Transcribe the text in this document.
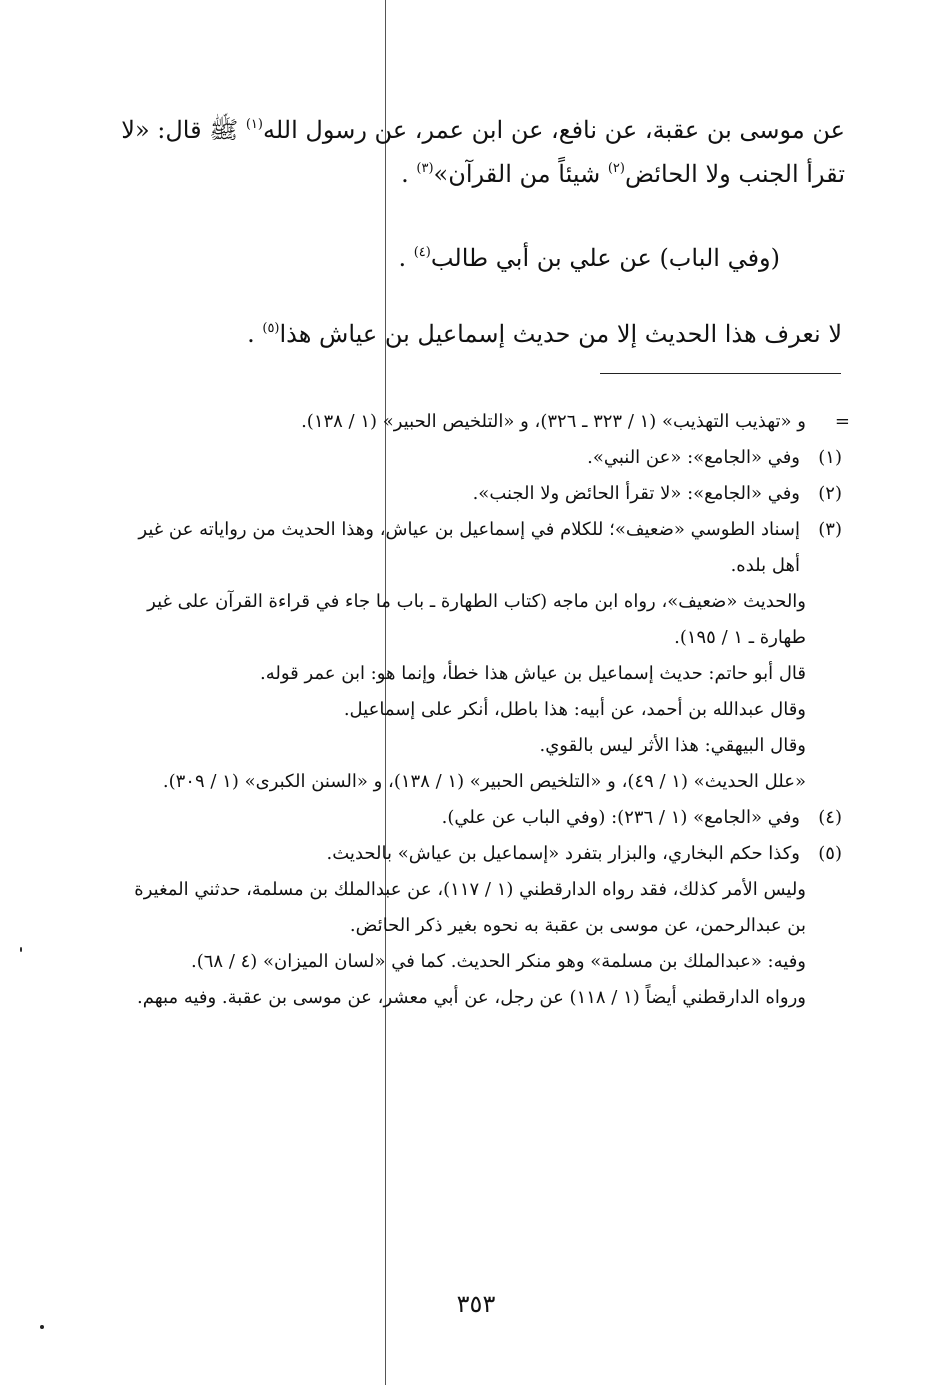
عن موسى بن عقبة، عن نافع، عن ابن عمر، عن رسول الله$^{(١)}$ ﷺ قال: «لا تقرأ الجنب ولا الحائض$^{(٢)}$ شيئاً من القرآن»$^{(٣)}$ .

(وفي الباب) عن علي بن أبي طالب$^{(٤)}$ .

لا نعرف هذا الحديث إلا من حديث إسماعيل بن عياش هذا$^{(٥)}$ .

=
و «تهذيب التهذيب» (١ / ٣٢٣ ـ ٣٢٦)، و «التلخيص الحبير» (١ / ١٣٨).
(١)
وفي «الجامع»: «عن النبي».
(٢)
وفي «الجامع»: «لا تقرأ الحائض ولا الجنب».
(٣)
إسناد الطوسي «ضعيف»؛ للكلام في إسماعيل بن عياش، وهذا الحديث من رواياته عن غير أهل بلده.

والحديث «ضعيف»، رواه ابن ماجه (كتاب الطهارة ـ باب ما جاء في قراءة القرآن على غير طهارة ـ ١ / ١٩٥).

قال أبو حاتم: حديث إسماعيل بن عياش هذا خطأ، وإنما هو: ابن عمر قوله.

وقال عبدالله بن أحمد، عن أبيه: هذا باطل، أنكر على إسماعيل.

وقال البيهقي: هذا الأثر ليس بالقوي.

«علل الحديث» (١ / ٤٩)، و «التلخيص الحبير» (١ / ١٣٨)، و «السنن الكبرى» (١ / ٣٠٩).

(٤)
وفي «الجامع» (١ / ٢٣٦): (وفي الباب عن علي).
(٥)
وكذا حكم البخاري، والبزار بتفرد «إسماعيل بن عياش» بالحديث.

وليس الأمر كذلك، فقد رواه الدارقطني (١ / ١١٧)، عن عبدالملك بن مسلمة، حدثني المغيرة بن عبدالرحمن، عن موسى بن عقبة به نحوه بغير ذكر الحائض.

وفيه: «عبدالملك بن مسلمة» وهو منكر الحديث. كما في «لسان الميزان» (٤ / ٦٨).

ورواه الدارقطني أيضاً (١ / ١١٨) عن رجل، عن أبي معشر، عن موسى بن عقبة. وفيه مبهم.

٣٥٣
